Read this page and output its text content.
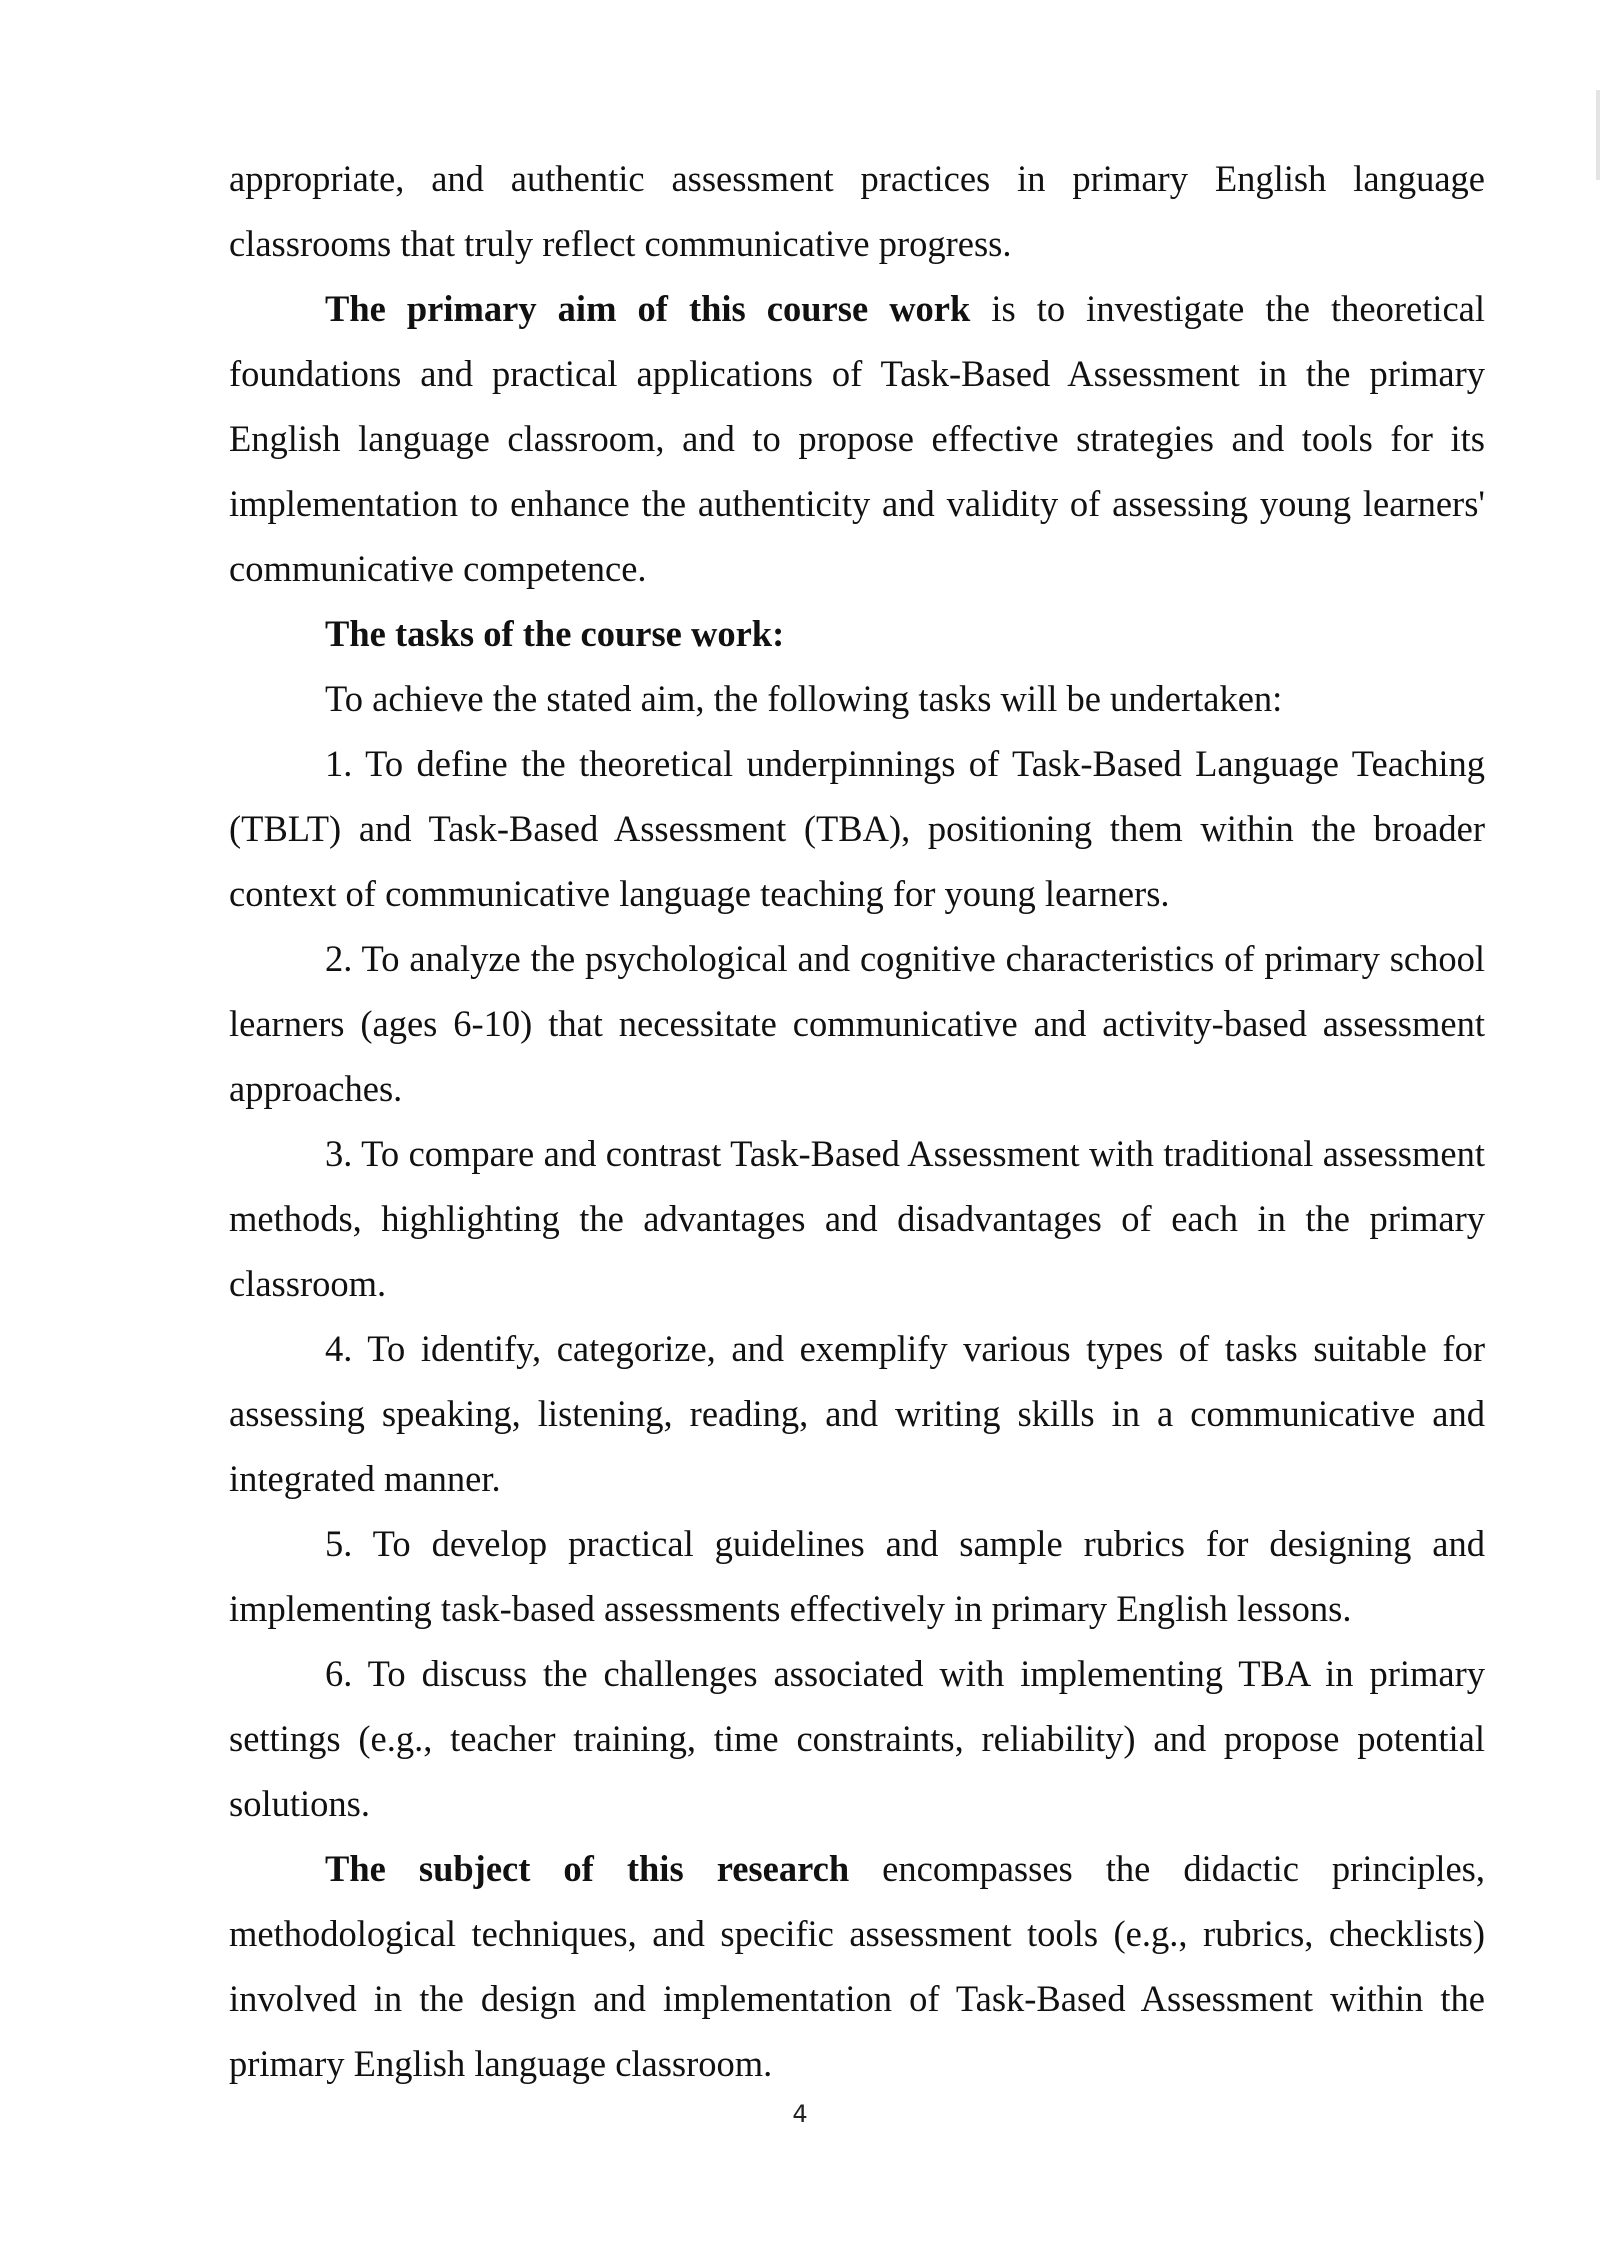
appropriate, and authentic assessment practices in primary English language classrooms that truly reflect communicative progress.

The primary aim of this course work is to investigate the theoretical foundations and practical applications of Task-Based Assessment in the primary English language classroom, and to propose effective strategies and tools for its implementation to enhance the authenticity and validity of assessing young learners' communicative competence.

The tasks of the course work:

To achieve the stated aim, the following tasks will be undertaken:

1. To define the theoretical underpinnings of Task-Based Language Teaching (TBLT) and Task-Based Assessment (TBA), positioning them within the broader context of communicative language teaching for young learners.

2. To analyze the psychological and cognitive characteristics of primary school learners (ages 6-10) that necessitate communicative and activity-based assessment approaches.

3. To compare and contrast Task-Based Assessment with traditional assessment methods, highlighting the advantages and disadvantages of each in the primary classroom.

4. To identify, categorize, and exemplify various types of tasks suitable for assessing speaking, listening, reading, and writing skills in a communicative and integrated manner.

5. To develop practical guidelines and sample rubrics for designing and implementing task-based assessments effectively in primary English lessons.

6. To discuss the challenges associated with implementing TBA in primary settings (e.g., teacher training, time constraints, reliability) and propose potential solutions.

The subject of this research encompasses the didactic principles, methodological techniques, and specific assessment tools (e.g., rubrics, checklists) involved in the design and implementation of Task-Based Assessment within the primary English language classroom.

4
